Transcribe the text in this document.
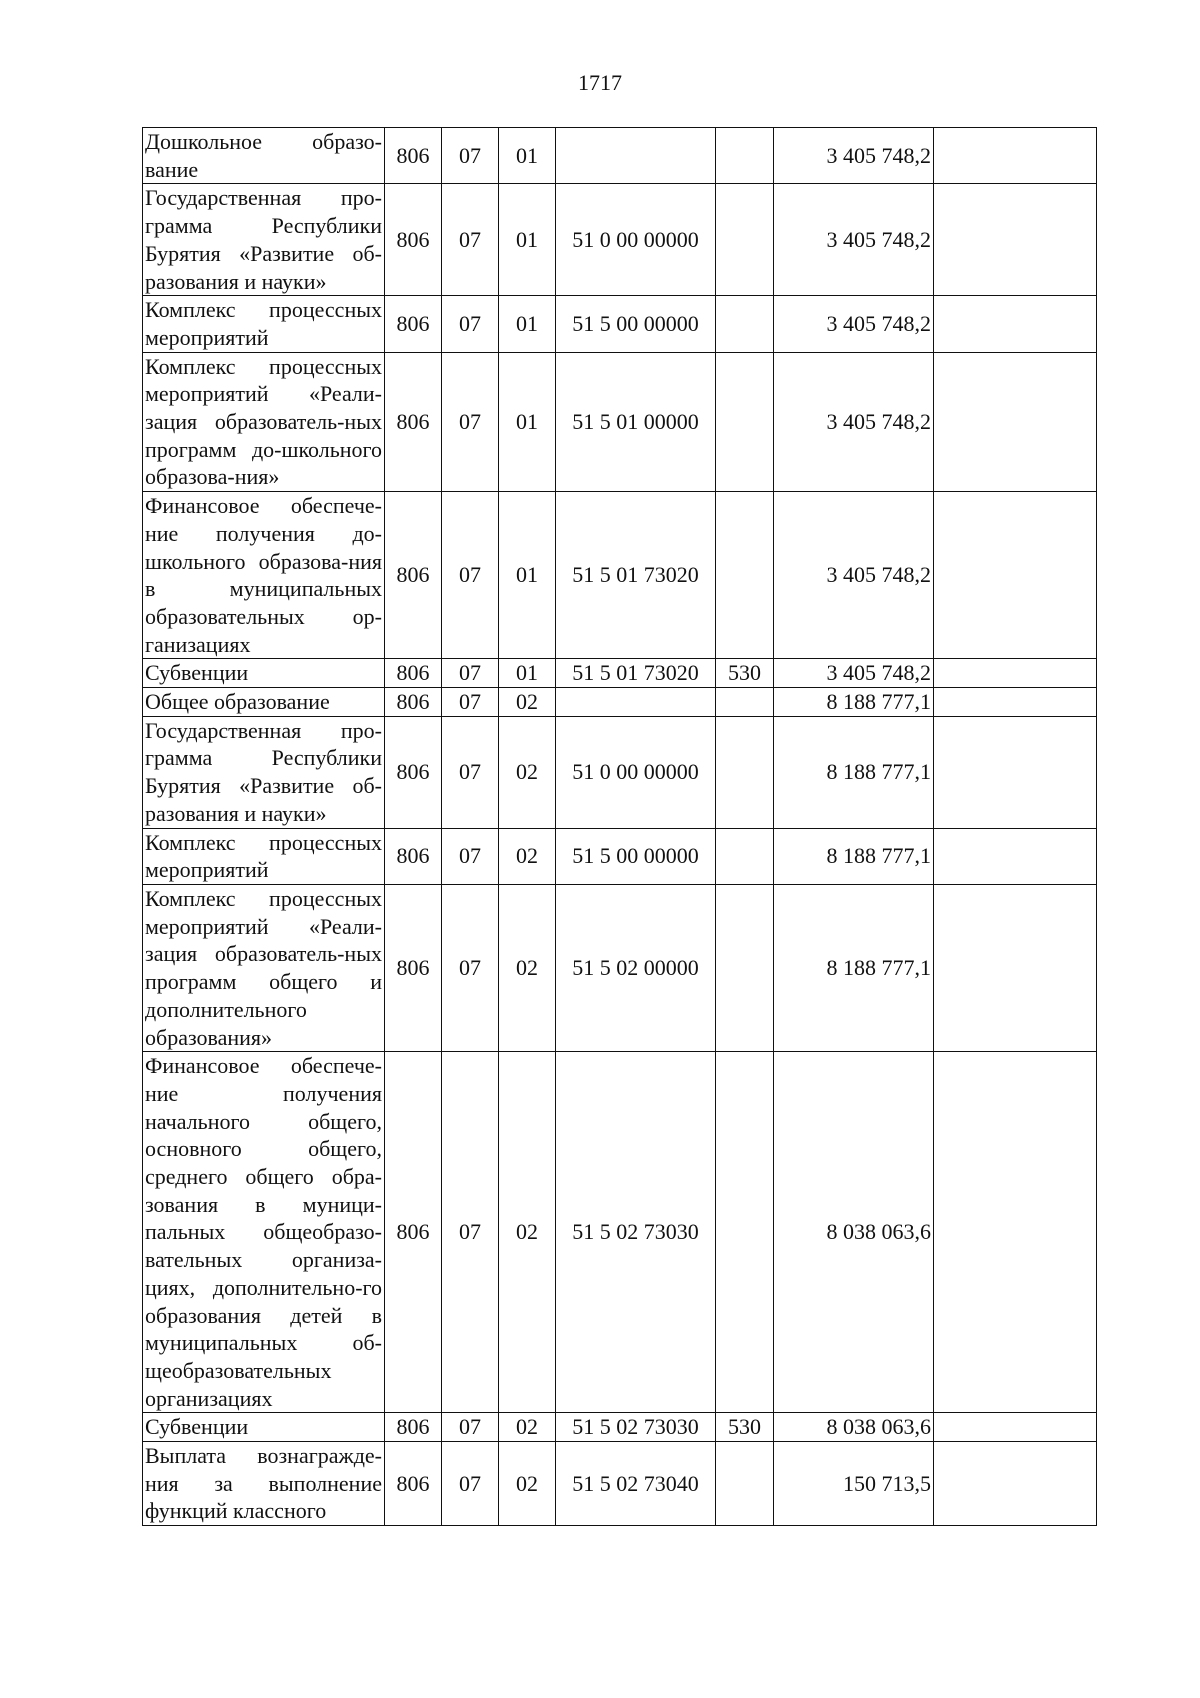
1717
Дошкольное образо-вание	806	07	01			3 405 748,2	
Государственная про-грамма Республики Бурятия «Развитие об-разования и науки»	806	07	01	51 0 00 00000		3 405 748,2	
Комплекс процессных мероприятий	806	07	01	51 5 00 00000		3 405 748,2	
Комплекс процессных мероприятий «Реали-зация образователь-ных программ до-школьного образова-ния»	806	07	01	51 5 01 00000		3 405 748,2	
Финансовое обеспече-ние получения до-школьного образова-ния в муниципальных образовательных ор-ганизациях	806	07	01	51 5 01 73020		3 405 748,2	
Субвенции	806	07	01	51 5 01 73020	530	3 405 748,2	
Общее образование	806	07	02			8 188 777,1	
Государственная про-грамма Республики Бурятия «Развитие об-разования и науки»	806	07	02	51 0 00 00000		8 188 777,1	
Комплекс процессных мероприятий	806	07	02	51 5 00 00000		8 188 777,1	
Комплекс процессных мероприятий «Реали-зация образователь-ных программ общего и дополнительного образования»	806	07	02	51 5 02 00000		8 188 777,1	
Финансовое обеспече-ние получения начального общего, основного общего, среднего общего обра-зования в муници-пальных общеобразо-вательных организа-циях, дополнительно-го образования детей в муниципальных об-щеобразовательных организациях	806	07	02	51 5 02 73030		8 038 063,6	
Субвенции	806	07	02	51 5 02 73030	530	8 038 063,6	
Выплата вознагражде-ния за выполнение функций классного	806	07	02	51 5 02 73040		150 713,5	
